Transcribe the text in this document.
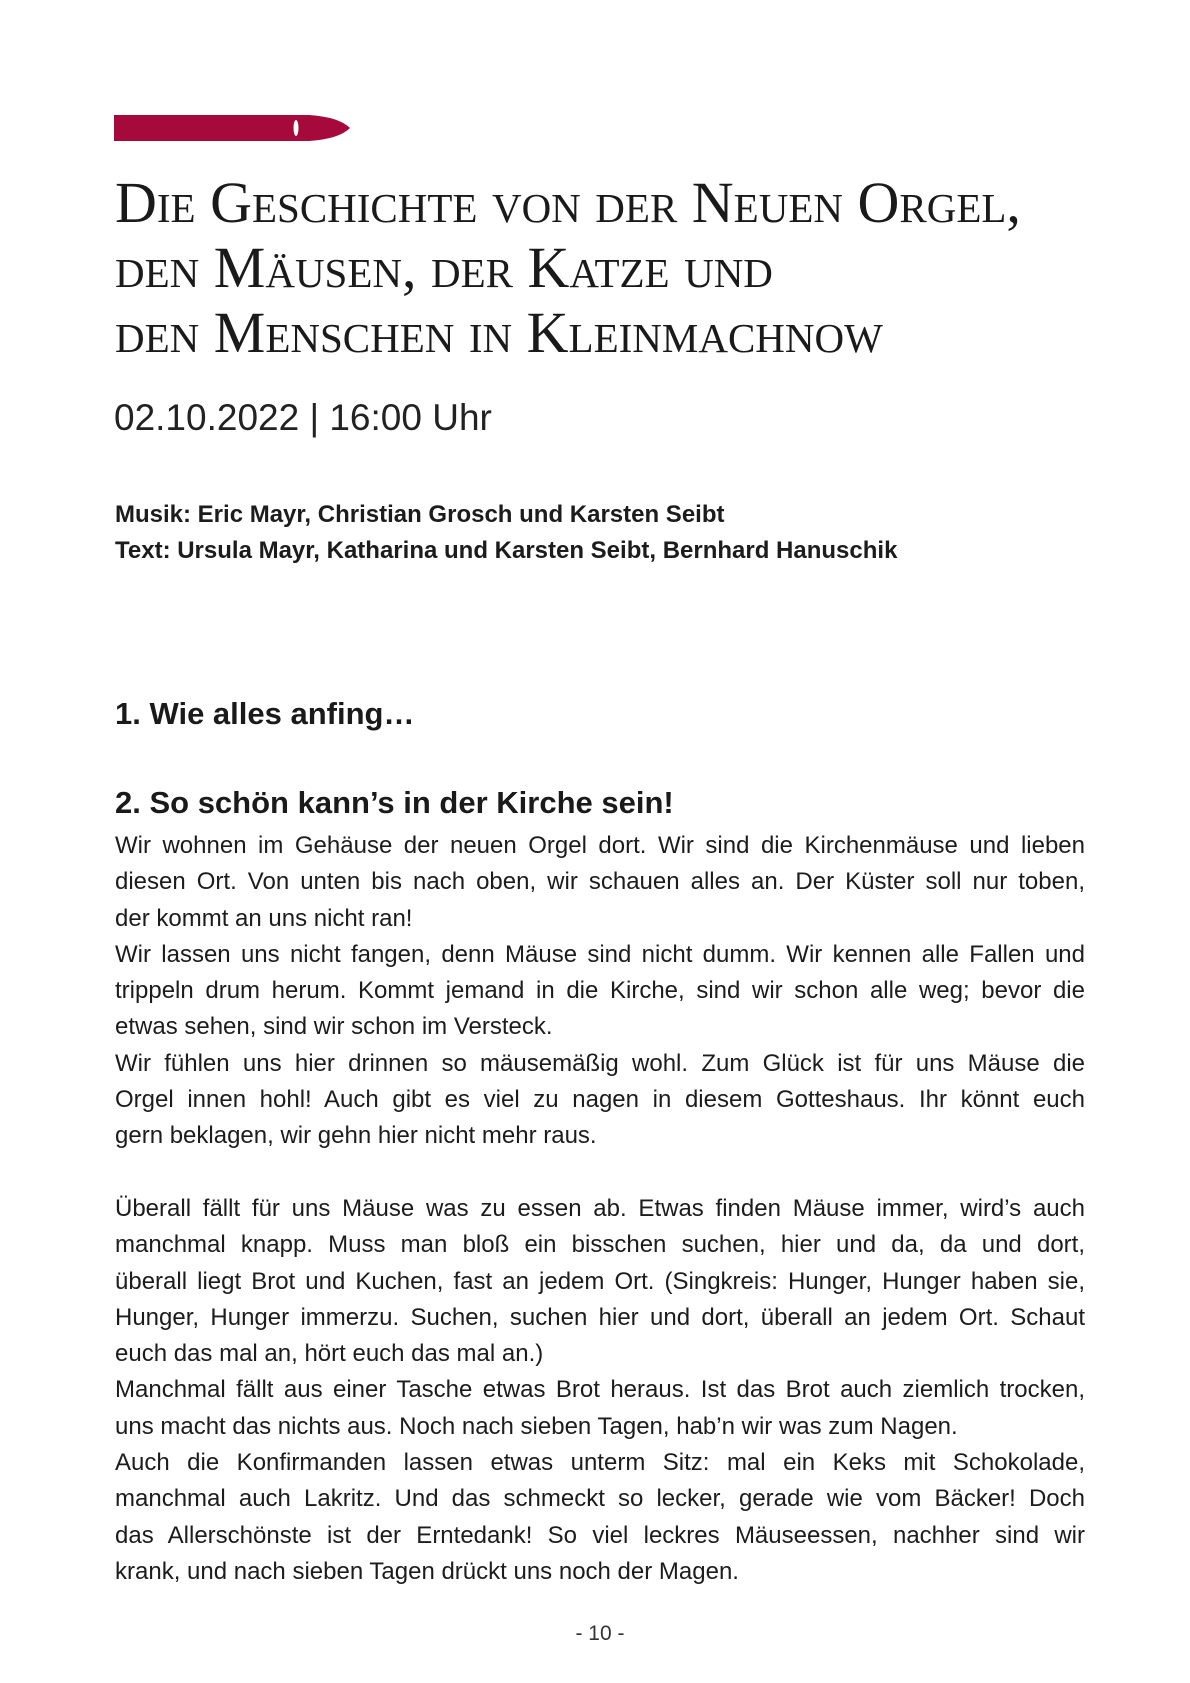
Die Geschichte von der Neuen Orgel,
den Mäusen, der Katze und
den Menschen in Kleinmachnow
02.10.2022 | 16:00 Uhr
Musik: Eric Mayr, Christian Grosch und Karsten Seibt
Text: Ursula Mayr, Katharina und Karsten Seibt, Bernhard Hanuschik
1. Wie alles anfing…
2. So schön kann’s in der Kirche sein!
Wir wohnen im Gehäuse der neuen Orgel dort. Wir sind die Kirchenmäuse und lieben
diesen Ort. Von unten bis nach oben, wir schauen alles an. Der Küster soll nur toben,
der kommt an uns nicht ran!
Wir lassen uns nicht fangen, denn Mäuse sind nicht dumm. Wir kennen alle Fallen und
trippeln drum herum. Kommt jemand in die Kirche, sind wir schon alle weg; bevor die
etwas sehen, sind wir schon im Versteck.
Wir fühlen uns hier drinnen so mäusemäßig wohl. Zum Glück ist für uns Mäuse die
Orgel innen hohl! Auch gibt es viel zu nagen in diesem Gotteshaus. Ihr könnt euch
gern beklagen, wir gehn hier nicht mehr raus.
Überall fällt für uns Mäuse was zu essen ab. Etwas finden Mäuse immer, wird’s auch
manchmal knapp. Muss man bloß ein bisschen suchen, hier und da, da und dort,
überall liegt Brot und Kuchen, fast an jedem Ort. (Singkreis: Hunger, Hunger haben sie,
Hunger, Hunger immerzu. Suchen, suchen hier und dort, überall an jedem Ort. Schaut
euch das mal an, hört euch das mal an.)
Manchmal fällt aus einer Tasche etwas Brot heraus. Ist das Brot auch ziemlich trocken,
uns macht das nichts aus. Noch nach sieben Tagen, hab’n wir was zum Nagen.
Auch die Konfirmanden lassen etwas unterm Sitz: mal ein Keks mit Schokolade,
manchmal auch Lakritz. Und das schmeckt so lecker, gerade wie vom Bäcker! Doch
das Allerschönste ist der Erntedank! So viel leckres Mäuseessen, nachher sind wir
krank, und nach sieben Tagen drückt uns noch der Magen.
- 10 -
